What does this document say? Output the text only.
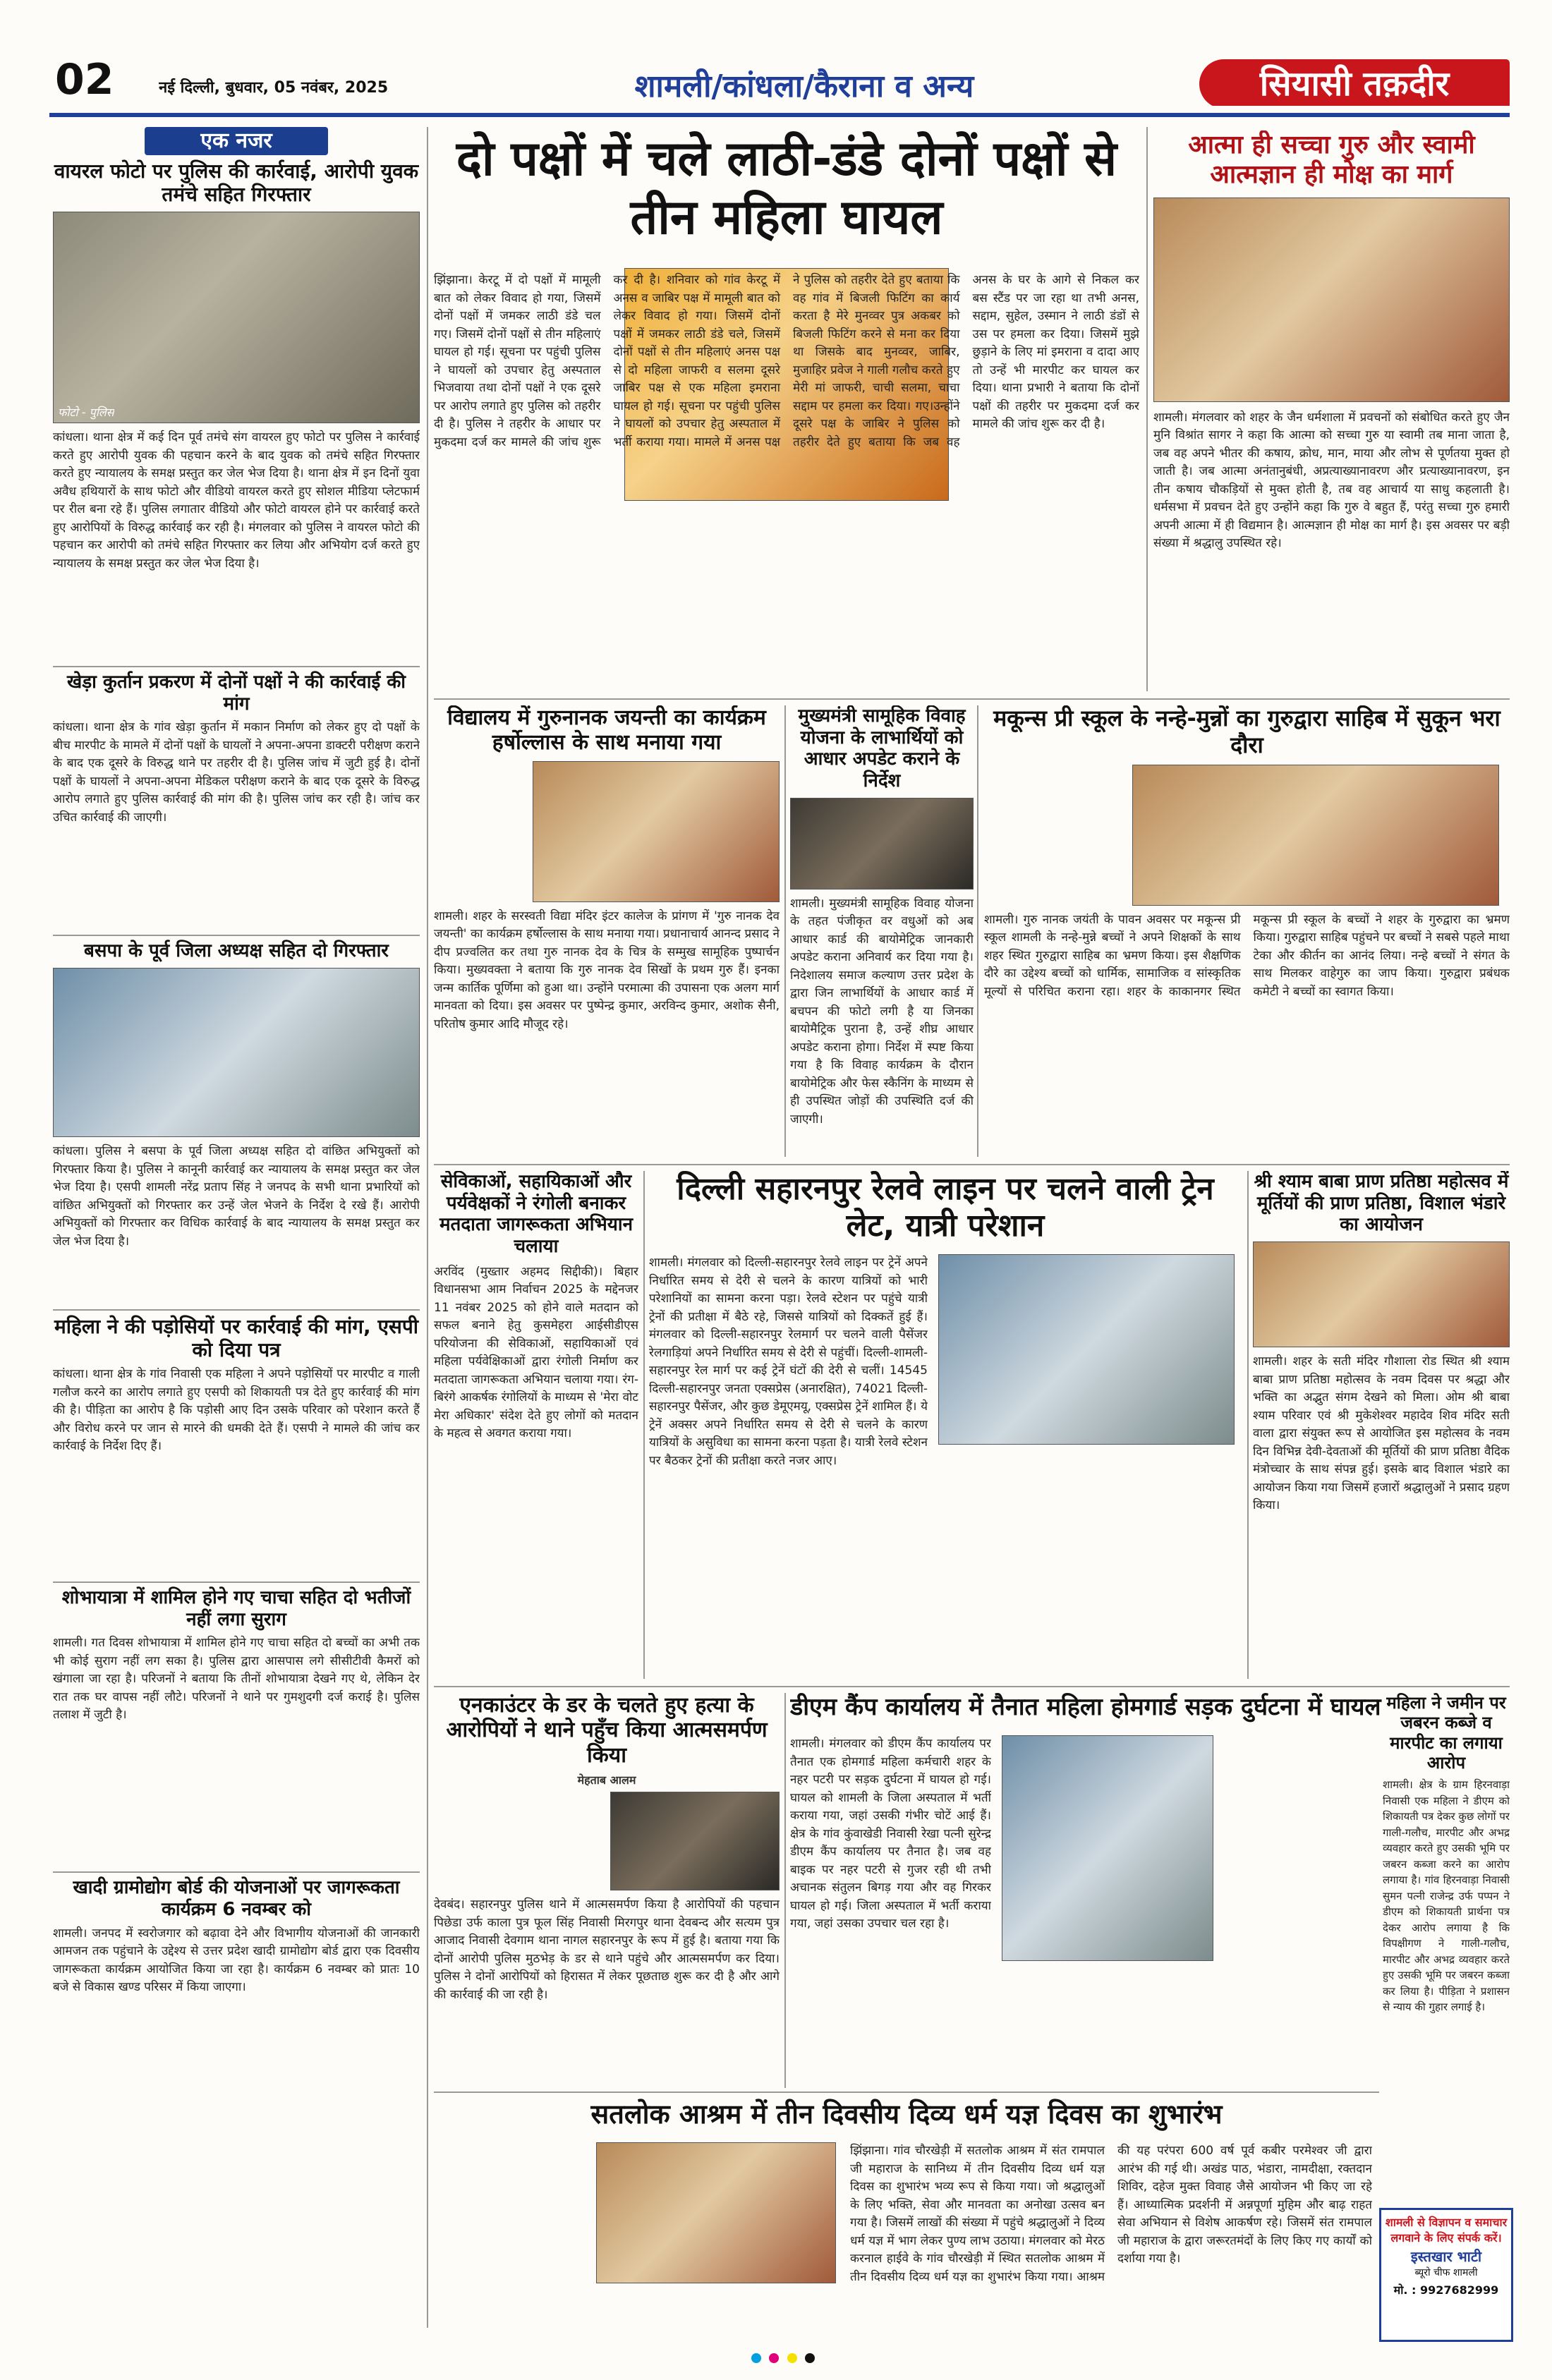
02	नई दिल्ली, बुधवार, 05 नवंबर, 2025	शामली/कांधला/कैराना व अन्य	सियासी तक़दीर
एक नजर
वायरल फोटो पर पुलिस की कार्रवाई, आरोपी युवक तमंचे सहित गिरफ्तार
फोटो - पुलिस
कांधला। थाना क्षेत्र में कई दिन पूर्व तमंचे संग वायरल हुए फोटो पर पुलिस ने कार्रवाई करते हुए आरोपी युवक की पहचान करने के बाद युवक को तमंचे सहित गिरफ्तार करते हुए न्यायालय के समक्ष प्रस्तुत कर जेल भेज दिया है। थाना क्षेत्र में इन दिनों युवा अवैध हथियारों के साथ फोटो और वीडियो वायरल करते हुए सोशल मीडिया प्लेटफार्म पर रील बना रहे हैं। पुलिस लगातार वीडियो और फोटो वायरल होने पर कार्रवाई करते हुए आरोपियों के विरुद्ध कार्रवाई कर रही है। मंगलवार को पुलिस ने वायरल फोटो की पहचान कर आरोपी को तमंचे सहित गिरफ्तार कर लिया और अभियोग दर्ज करते हुए न्यायालय के समक्ष प्रस्तुत कर जेल भेज दिया है।
खेड़ा कुर्तान प्रकरण में दोनों पक्षों ने की कार्रवाई की मांग
कांधला। थाना क्षेत्र के गांव खेड़ा कुर्तान में मकान निर्माण को लेकर हुए दो पक्षों के बीच मारपीट के मामले में दोनों पक्षों के घायलों ने अपना-अपना डाक्टरी परीक्षण कराने के बाद एक दूसरे के विरुद्ध थाने पर तहरीर दी है। पुलिस जांच में जुटी हुई है। दोनों पक्षों के घायलों ने अपना-अपना मेडिकल परीक्षण कराने के बाद एक दूसरे के विरुद्ध आरोप लगाते हुए पुलिस कार्रवाई की मांग की है। पुलिस जांच कर रही है। जांच कर उचित कार्रवाई की जाएगी।
बसपा के पूर्व जिला अध्यक्ष सहित दो गिरफ्तार
कांधला। पुलिस ने बसपा के पूर्व जिला अध्यक्ष सहित दो वांछित अभियुक्तों को गिरफ्तार किया है। पुलिस ने कानूनी कार्रवाई कर न्यायालय के समक्ष प्रस्तुत कर जेल भेज दिया है। एसपी शामली नरेंद्र प्रताप सिंह ने जनपद के सभी थाना प्रभारियों को वांछित अभियुक्तों को गिरफ्तार कर उन्हें जेल भेजने के निर्देश दे रखे हैं। आरोपी अभियुक्तों को गिरफ्तार कर विधिक कार्रवाई के बाद न्यायालय के समक्ष प्रस्तुत कर जेल भेज दिया है।
महिला ने की पड़ोसियों पर कार्रवाई की मांग, एसपी को दिया पत्र
कांधला। थाना क्षेत्र के गांव निवासी एक महिला ने अपने पड़ोसियों पर मारपीट व गाली गलौज करने का आरोप लगाते हुए एसपी को शिकायती पत्र देते हुए कार्रवाई की मांग की है। पीड़िता का आरोप है कि पड़ोसी आए दिन उसके परिवार को परेशान करते हैं और विरोध करने पर जान से मारने की धमकी देते हैं। एसपी ने मामले की जांच कर कार्रवाई के निर्देश दिए हैं।
शोभायात्रा में शामिल होने गए चाचा सहित दो भतीजों नहीं लगा सुराग
शामली। गत दिवस शोभायात्रा में शामिल होने गए चाचा सहित दो बच्चों का अभी तक भी कोई सुराग नहीं लग सका है। पुलिस द्वारा आसपास लगे सीसीटीवी कैमरों को खंगाला जा रहा है। परिजनों ने बताया कि तीनों शोभायात्रा देखने गए थे, लेकिन देर रात तक घर वापस नहीं लौटे। परिजनों ने थाने पर गुमशुदगी दर्ज कराई है। पुलिस तलाश में जुटी है।
खादी ग्रामोद्योग बोर्ड की योजनाओं पर जागरूकता कार्यक्रम 6 नवम्बर को
शामली। जनपद में स्वरोजगार को बढ़ावा देने और विभागीय योजनाओं की जानकारी आमजन तक पहुंचाने के उद्देश्य से उत्तर प्रदेश खादी ग्रामोद्योग बोर्ड द्वारा एक दिवसीय जागरूकता कार्यक्रम आयोजित किया जा रहा है। कार्यक्रम 6 नवम्बर को प्रातः 10 बजे से विकास खण्ड परिसर में किया जाएगा।
दो पक्षों में चले लाठी-डंडे दोनों पक्षों से तीन महिला घायल
झिंझाना। केरटू में दो पक्षों में मामूली बात को लेकर विवाद हो गया, जिसमें दोनों पक्षों में जमकर लाठी डंडे चल गए। जिसमें दोनों पक्षों से तीन महिलाएं घायल हो गई। सूचना पर पहुंची पुलिस ने घायलों को उपचार हेतु अस्पताल भिजवाया तथा दोनों पक्षों ने एक दूसरे पर आरोप लगाते हुए पुलिस को तहरीर दी है। पुलिस ने तहरीर के आधार पर मुकदमा दर्ज कर मामले की जांच शुरू कर दी है। शनिवार को गांव केरटू में अनस व जाबिर पक्ष में मामूली बात को लेकर विवाद हो गया। जिसमें दोनों पक्षों में जमकर लाठी डंडे चले, जिसमें दोनों पक्षों से तीन महिलाएं अनस पक्ष से दो महिला जाफरी व सलमा दूसरे जाबिर पक्ष से एक महिला इमराना घायल हो गई। सूचना पर पहुंची पुलिस ने घायलों को उपचार हेतु अस्पताल में भर्ती कराया गया। मामले में अनस पक्ष ने पुलिस को तहरीर देते हुए बताया कि वह गांव में बिजली फिटिंग का कार्य करता है मेरे मुनव्वर पुत्र अकबर को बिजली फिटिंग करने से मना कर दिया था जिसके बाद मुनव्वर, जाबिर, मुजाहिर प्रवेज ने गाली गलौच करते हुए मेरी मां जाफरी, चाची सलमा, चाचा सद्दाम पर हमला कर दिया। गए।उन्होंने दूसरे पक्ष के जाबिर ने पुलिस को तहरीर देते हुए बताया कि जब वह अनस के घर के आगे से निकल कर बस स्टैंड पर जा रहा था तभी अनस, सद्दाम, सुहेल, उस्मान ने लाठी डंडों से उस पर हमला कर दिया। जिसमें मुझे छुड़ाने के लिए मां इमराना व दादा आए तो उन्हें भी मारपीट कर घायल कर दिया। थाना प्रभारी ने बताया कि दोनों पक्षों की तहरीर पर मुकदमा दर्ज कर मामले की जांच शुरू कर दी है।
आत्मा ही सच्चा गुरु और स्वामी आत्मज्ञान ही मोक्ष का मार्ग
शामली। मंगलवार को शहर के जैन धर्मशाला में प्रवचनों को संबोधित करते हुए जैन मुनि विश्रांत सागर ने कहा कि आत्मा को सच्चा गुरु या स्वामी तब माना जाता है, जब वह अपने भीतर की कषाय, क्रोध, मान, माया और लोभ से पूर्णतया मुक्त हो जाती है। जब आत्मा अनंतानुबंधी, अप्रत्याख्यानावरण और प्रत्याख्यानावरण, इन तीन कषाय चौकड़ियों से मुक्त होती है, तब वह आचार्य या साधु कहलाती है। धर्मसभा में प्रवचन देते हुए उन्होंने कहा कि गुरु वे बहुत हैं, परंतु सच्चा गुरु हमारी अपनी आत्मा में ही विद्यमान है। आत्मज्ञान ही मोक्ष का मार्ग है। इस अवसर पर बड़ी संख्या में श्रद्धालु उपस्थित रहे।
विद्यालय में गुरुनानक जयन्ती का कार्यक्रम हर्षोल्लास के साथ मनाया गया
शामली। शहर के सरस्वती विद्या मंदिर इंटर कालेज के प्रांगण में 'गुरु नानक देव जयन्ती' का कार्यक्रम हर्षोल्लास के साथ मनाया गया। प्रधानाचार्य आनन्द प्रसाद ने दीप प्रज्वलित कर तथा गुरु नानक देव के चित्र के सम्मुख सामूहिक पुष्पार्चन किया। मुख्यवक्ता ने बताया कि गुरु नानक देव सिखों के प्रथम गुरु हैं। इनका जन्म कार्तिक पूर्णिमा को हुआ था। उन्होंने परमात्मा की उपासना एक अलग मार्ग मानवता को दिया। इस अवसर पर पुष्पेन्द्र कुमार, अरविन्द कुमार, अशोक सैनी, परितोष कुमार आदि मौजूद रहे।
मुख्यमंत्री सामूहिक विवाह योजना के लाभार्थियों को आधार अपडेट कराने के निर्देश
शामली। मुख्यमंत्री सामूहिक विवाह योजना के तहत पंजीकृत वर वधुओं को अब आधार कार्ड की बायोमेट्रिक जानकारी अपडेट कराना अनिवार्य कर दिया गया है। निदेशालय समाज कल्याण उत्तर प्रदेश के द्वारा जिन लाभार्थियों के आधार कार्ड में बचपन की फोटो लगी है या जिनका बायोमैट्रिक पुराना है, उन्हें शीघ्र आधार अपडेट कराना होगा। निर्देश में स्पष्ट किया गया है कि विवाह कार्यक्रम के दौरान बायोमेट्रिक और फेस स्कैनिंग के माध्यम से ही उपस्थित जोड़ों की उपस्थिति दर्ज की जाएगी।
मकून्स प्री स्कूल के नन्हे-मुन्नों का गुरुद्वारा साहिब में सुकून भरा दौरा
शामली। गुरु नानक जयंती के पावन अवसर पर मकून्स प्री स्कूल शामली के नन्हे-मुन्ने बच्चों ने अपने शिक्षकों के साथ शहर स्थित गुरुद्वारा साहिब का भ्रमण किया। इस शैक्षणिक दौरे का उद्देश्य बच्चों को धार्मिक, सामाजिक व सांस्कृतिक मूल्यों से परिचित कराना रहा। शहर के काकानगर स्थित मकून्स प्री स्कूल के बच्चों ने शहर के गुरुद्वारा का भ्रमण किया। गुरुद्वारा साहिब पहुंचने पर बच्चों ने सबसे पहले माथा टेका और कीर्तन का आनंद लिया। नन्हे बच्चों ने संगत के साथ मिलकर वाहेगुरु का जाप किया। गुरुद्वारा प्रबंधक कमेटी ने बच्चों का स्वागत किया।
सेविकाओं, सहायिकाओं और पर्यवेक्षकों ने रंगोली बनाकर मतदाता जागरूकता अभियान चलाया
अरविंद (मुख्तार अहमद सिद्दीकी)। बिहार विधानसभा आम निर्वाचन 2025 के मद्देनजर 11 नवंबर 2025 को होने वाले मतदान को सफल बनाने हेतु कुसमेहरा आईसीडीएस परियोजना की सेविकाओं, सहायिकाओं एवं महिला पर्यवेक्षिकाओं द्वारा रंगोली निर्माण कर मतदाता जागरूकता अभियान चलाया गया। रंग-बिरंगे आकर्षक रंगोलियों के माध्यम से 'मेरा वोट मेरा अधिकार' संदेश देते हुए लोगों को मतदान के महत्व से अवगत कराया गया।
दिल्ली सहारनपुर रेलवे लाइन पर चलने वाली ट्रेन लेट, यात्री परेशान
शामली। मंगलवार को दिल्ली-सहारनपुर रेलवे लाइन पर ट्रेनें अपने निर्धारित समय से देरी से चलने के कारण यात्रियों को भारी परेशानियों का सामना करना पड़ा। रेलवे स्टेशन पर पहुंचे यात्री ट्रेनों की प्रतीक्षा में बैठे रहे, जिससे यात्रियों को दिक्कतें हुई हैं। मंगलवार को दिल्ली-सहारनपुर रेलमार्ग पर चलने वाली पैसेंजर रेलगाड़ियां अपने निर्धारित समय से देरी से पहुंचीं। दिल्ली-शामली-सहारनपुर रेल मार्ग पर कई ट्रेनें घंटों की देरी से चलीं। 14545 दिल्ली-सहारनपुर जनता एक्सप्रेस (अनारक्षित), 74021 दिल्ली-सहारनपुर पैसेंजर, और कुछ डेमूएमयू, एक्सप्रेस ट्रेनें शामिल हैं। ये ट्रेनें अक्सर अपने निर्धारित समय से देरी से चलने के कारण यात्रियों के असुविधा का सामना करना पड़ता है। यात्री रेलवे स्टेशन पर बैठकर ट्रेनों की प्रतीक्षा करते नजर आए।
श्री श्याम बाबा प्राण प्रतिष्ठा महोत्सव में मूर्तियों की प्राण प्रतिष्ठा, विशाल भंडारे का आयोजन
शामली। शहर के सती मंदिर गौशाला रोड स्थित श्री श्याम बाबा प्राण प्रतिष्ठा महोत्सव के नवम दिवस पर श्रद्धा और भक्ति का अद्भुत संगम देखने को मिला। ओम श्री बाबा श्याम परिवार एवं श्री मुकेशेश्वर महादेव शिव मंदिर सती वाला द्वारा संयुक्त रूप से आयोजित इस महोत्सव के नवम दिन विभिन्न देवी-देवताओं की मूर्तियों की प्राण प्रतिष्ठा वैदिक मंत्रोच्चार के साथ संपन्न हुई। इसके बाद विशाल भंडारे का आयोजन किया गया जिसमें हजारों श्रद्धालुओं ने प्रसाद ग्रहण किया।
एनकाउंटर के डर के चलते हुए हत्या के आरोपियों ने थाने पहुँच किया आत्मसमर्पण किया
मेहताब आलम
देवबंद। सहारनपुर पुलिस थाने में आत्मसमर्पण किया है आरोपियों की पहचान पिछेडा उर्फ काला पुत्र फूल सिंह निवासी मिरगपुर थाना देवबन्द और सत्यम पुत्र आजाद निवासी देवगाम थाना नागल सहारनपुर के रूप में हुई है। बताया गया कि दोनों आरोपी पुलिस मुठभेड़ के डर से थाने पहुंचे और आत्मसमर्पण कर दिया। पुलिस ने दोनों आरोपियों को हिरासत में लेकर पूछताछ शुरू कर दी है और आगे की कार्रवाई की जा रही है।
डीएम कैंप कार्यालय में तैनात महिला होमगार्ड सड़क दुर्घटना में घायल
शामली। मंगलवार को डीएम कैंप कार्यालय पर तैनात एक होमगार्ड महिला कर्मचारी शहर के नहर पटरी पर सड़क दुर्घटना में घायल हो गई। घायल को शामली के जिला अस्पताल में भर्ती कराया गया, जहां उसकी गंभीर चोटें आई हैं। क्षेत्र के गांव कुंवाखेडी निवासी रेखा पत्नी सुरेन्द्र डीएम कैंप कार्यालय पर तैनात है। जब वह बाइक पर नहर पटरी से गुजर रही थी तभी अचानक संतुलन बिगड़ गया और वह गिरकर घायल हो गई। जिला अस्पताल में भर्ती कराया गया, जहां उसका उपचार चल रहा है।
महिला ने जमीन पर जबरन कब्जे व मारपीट का लगाया आरोप
शामली। क्षेत्र के ग्राम हिरनवाड़ा निवासी एक महिला ने डीएम को शिकायती पत्र देकर कुछ लोगों पर गाली-गलौच, मारपीट और अभद्र व्यवहार करते हुए उसकी भूमि पर जबरन कब्जा करने का आरोप लगाया है। गांव हिरनवाड़ा निवासी सुमन पत्नी राजेन्द्र उर्फ पप्पन ने डीएम को शिकायती प्रार्थना पत्र देकर आरोप लगाया है कि विपक्षीगण ने गाली-गलौच, मारपीट और अभद्र व्यवहार करते हुए उसकी भूमि पर जबरन कब्जा कर लिया है। पीड़िता ने प्रशासन से न्याय की गुहार लगाई है।
सतलोक आश्रम में तीन दिवसीय दिव्य धर्म यज्ञ दिवस का शुभारंभ
झिंझाना। गांव चौरखेड़ी में सतलोक आश्रम में संत रामपाल जी महाराज के सानिध्य में तीन दिवसीय दिव्य धर्म यज्ञ दिवस का शुभारंभ भव्य रूप से किया गया। जो श्रद्धालुओं के लिए भक्ति, सेवा और मानवता का अनोखा उत्सव बन गया है। जिसमें लाखों की संख्या में पहुंचे श्रद्धालुओं ने दिव्य धर्म यज्ञ में भाग लेकर पुण्य लाभ उठाया। मंगलवार को मेरठ करनाल हाईवे के गांव चौरखेड़ी में स्थित सतलोक आश्रम में तीन दिवसीय दिव्य धर्म यज्ञ का शुभारंभ किया गया। आश्रम की यह परंपरा 600 वर्ष पूर्व कबीर परमेश्वर जी द्वारा आरंभ की गई थी। अखंड पाठ, भंडारा, नामदीक्षा, रक्तदान शिविर, दहेज मुक्त विवाह जैसे आयोजन भी किए जा रहे हैं। आध्यात्मिक प्रदर्शनी में अन्नपूर्णा मुहिम और बाढ़ राहत सेवा अभियान से विशेष आकर्षण रहे। जिसमें संत रामपाल जी महाराज के द्वारा जरूरतमंदों के लिए किए गए कार्यों को दर्शाया गया है।
शामली से विज्ञापन व समाचार लगवाने के लिए संपर्क करें।
इस्तखार भाटी
ब्यूरो चीफ शामली
मो. : 9927682999
